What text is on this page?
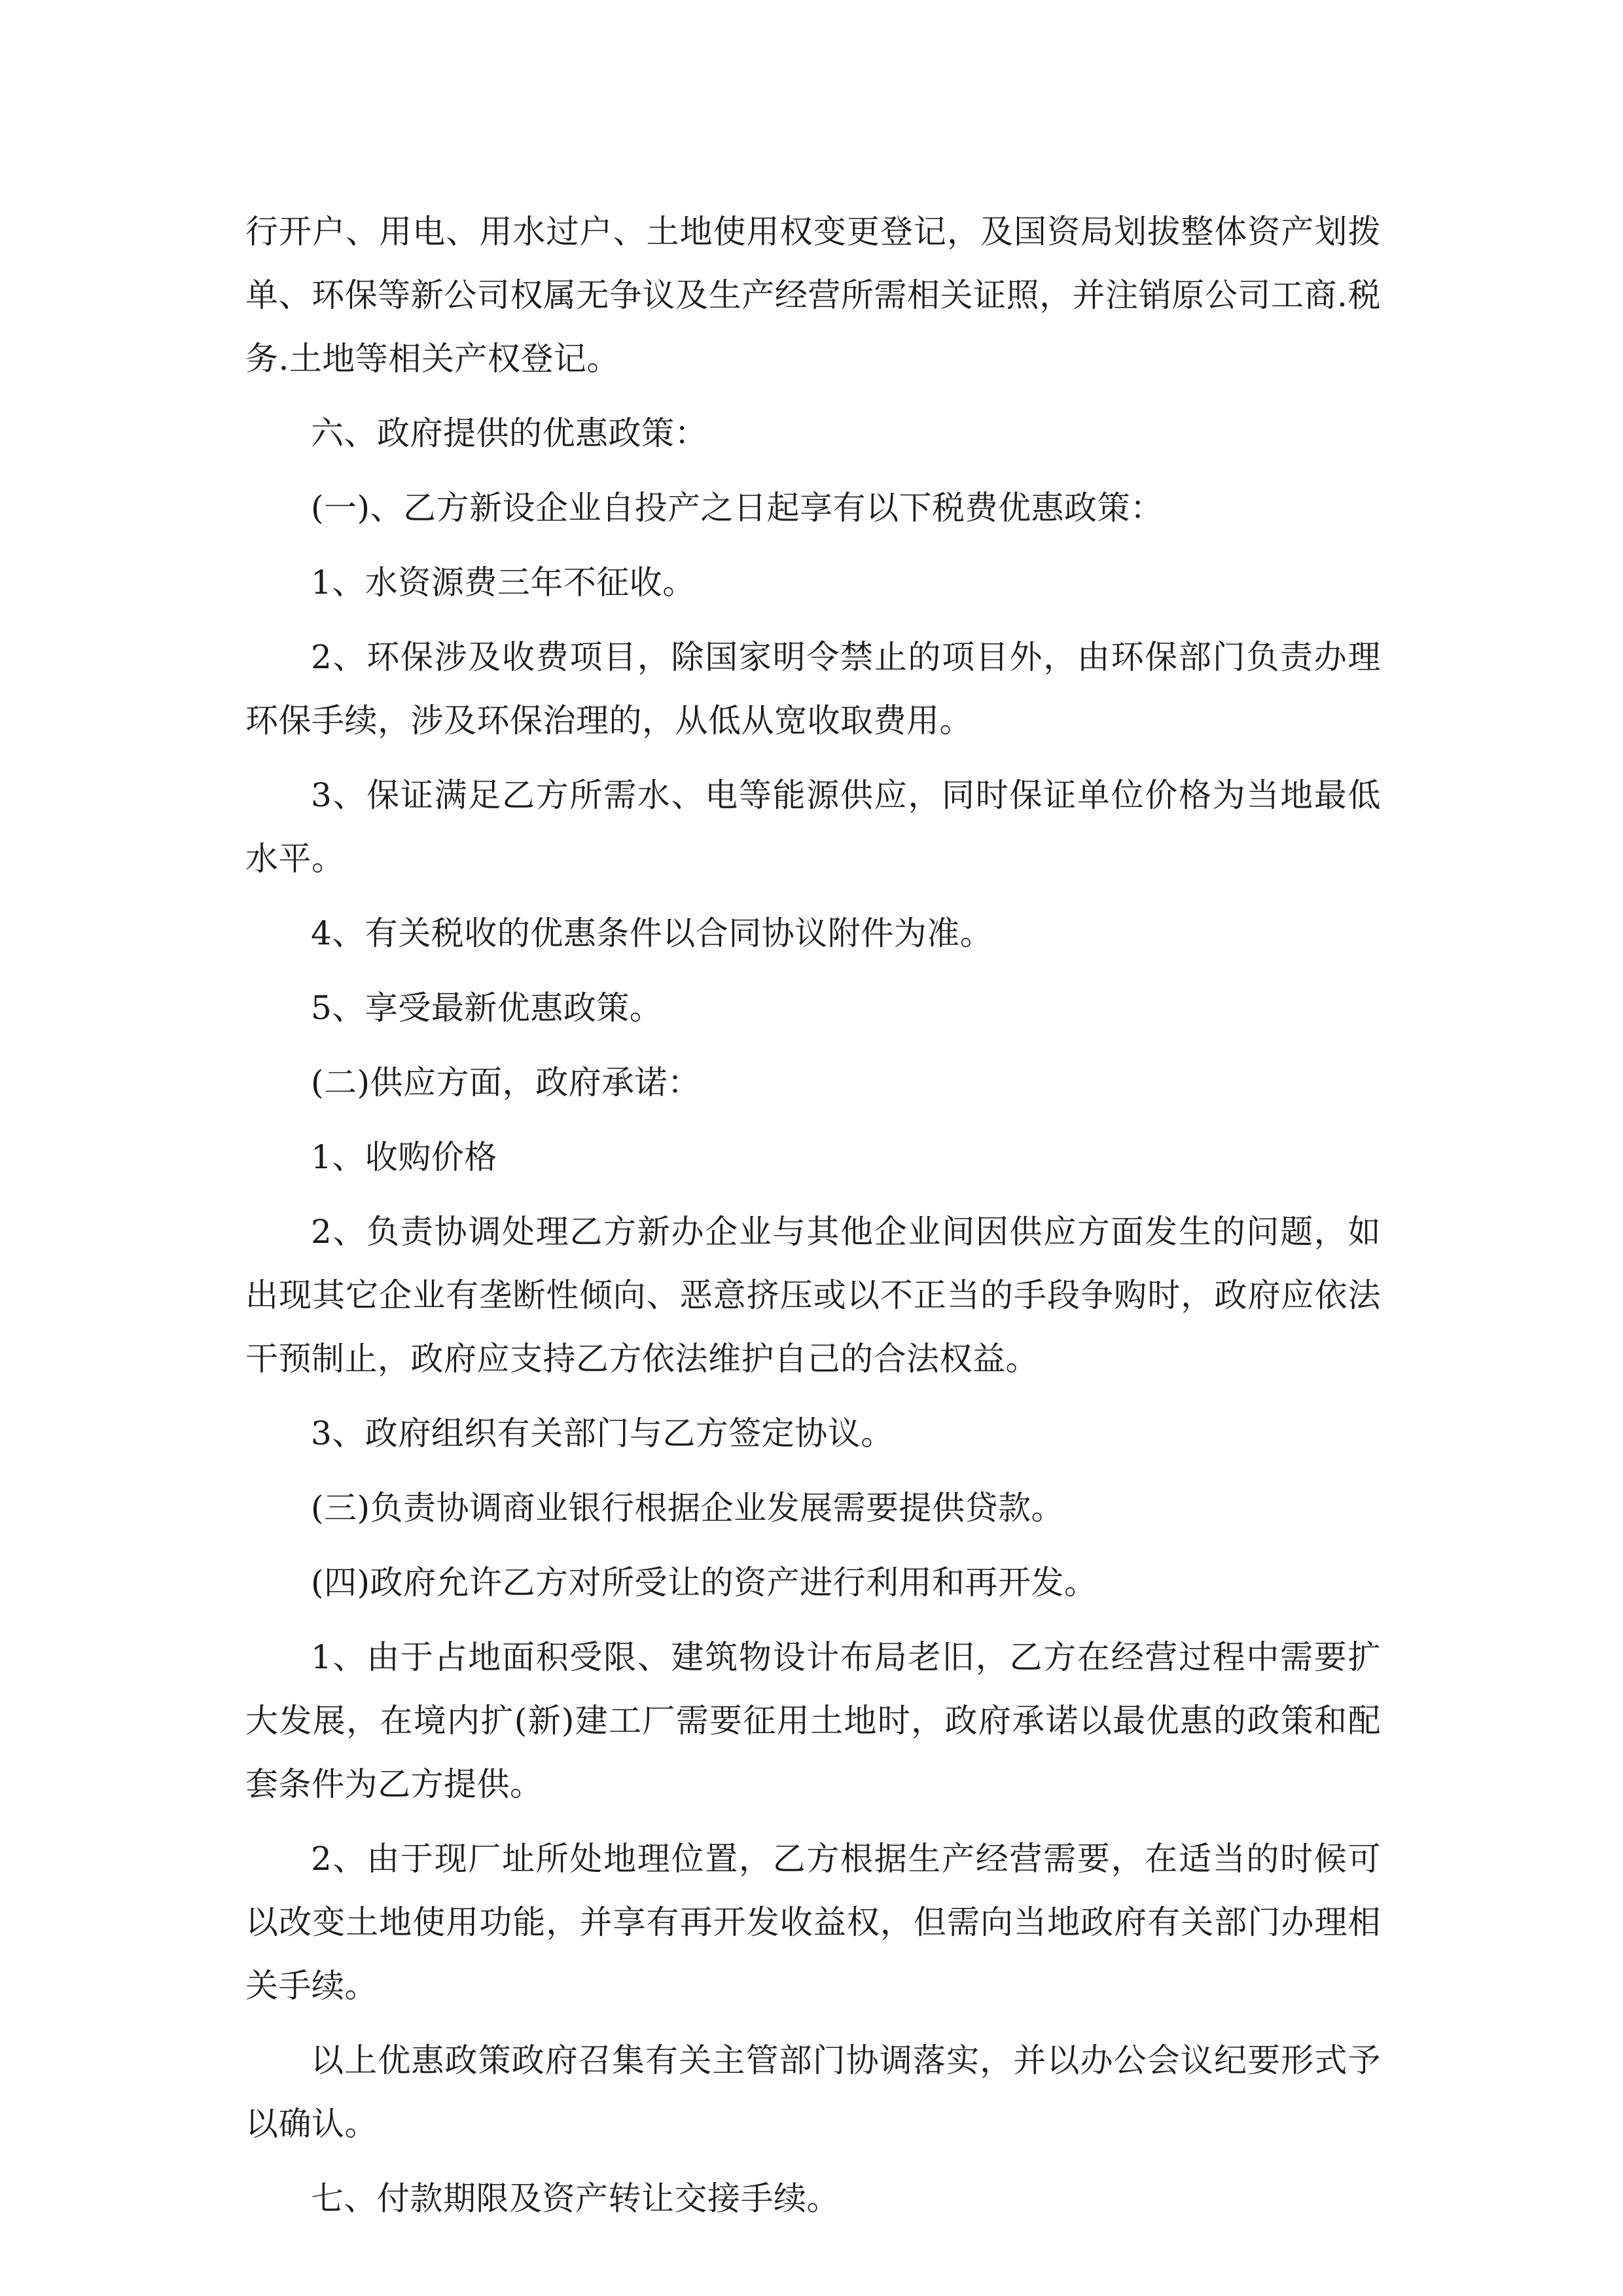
行开户、用电、用水过户、土地使用权变更登记，及国资局划拔整体资产划拨单、环保等新公司权属无争议及生产经营所需相关证照，并注销原公司工商.税务.土地等相关产权登记。

六、政府提供的优惠政策：

(一)、乙方新设企业自投产之日起享有以下税费优惠政策：

1、水资源费三年不征收。

2、环保涉及收费项目，除国家明令禁止的项目外，由环保部门负责办理环保手续，涉及环保治理的，从低从宽收取费用。

3、保证满足乙方所需水、电等能源供应，同时保证单位价格为当地最低水平。

4、有关税收的优惠条件以合同协议附件为准。

5、享受最新优惠政策。

(二)供应方面，政府承诺：

1、收购价格

2、负责协调处理乙方新办企业与其他企业间因供应方面发生的问题，如出现其它企业有垄断性倾向、恶意挤压或以不正当的手段争购时，政府应依法干预制止，政府应支持乙方依法维护自己的合法权益。

3、政府组织有关部门与乙方签定协议。

(三)负责协调商业银行根据企业发展需要提供贷款。

(四)政府允许乙方对所受让的资产进行利用和再开发。

1、由于占地面积受限、建筑物设计布局老旧，乙方在经营过程中需要扩大发展，在境内扩(新)建工厂需要征用土地时，政府承诺以最优惠的政策和配套条件为乙方提供。

2、由于现厂址所处地理位置，乙方根据生产经营需要，在适当的时候可以改变土地使用功能，并享有再开发收益权，但需向当地政府有关部门办理相关手续。

以上优惠政策政府召集有关主管部门协调落实，并以办公会议纪要形式予以确认。

七、付款期限及资产转让交接手续。
